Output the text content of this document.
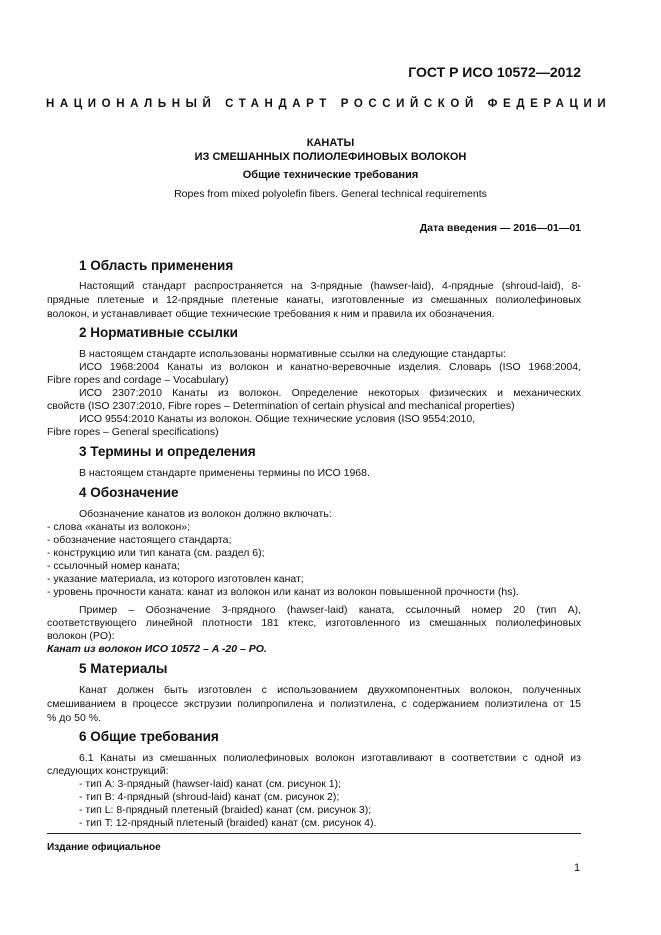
ГОСТ Р ИСО 10572—2012
НАЦИОНАЛЬНЫЙ СТАНДАРТ РОССИЙСКОЙ ФЕДЕРАЦИИ
КАНАТЫ
ИЗ СМЕШАННЫХ ПОЛИОЛЕФИНОВЫХ ВОЛОКОН
Общие технические требования
Ropes from mixed polyolefin fibers. General technical requirements
Дата введения — 2016—01—01
1 Область применения
Настоящий стандарт распространяется на 3-прядные (hawser-laid), 4-прядные (shroud-laid), 8-
прядные плетеные и 12-прядные плетеные канаты, изготовленные из смешанных полиолефиновых
волокон, и устанавливает общие технические требования к ним и правила их обозначения.
2 Нормативные ссылки
В настоящем стандарте использованы нормативные ссылки на следующие стандарты:
ИСО 1968:2004 Канаты из волокон и канатно-веревочные изделия. Словарь (ISO 1968:2004,
Fibre ropes and cordage – Vocabulary)
ИСО 2307:2010 Канаты из волокон. Определение некоторых физических и механических
свойств (ISO 2307:2010, Fibre ropes – Determination of certain physical and mechanical properties)
ИСО 9554:2010 Канаты из волокон. Общие технические условия (ISO 9554:2010,
Fibre ropes – General specifications)
3 Термины и определения
В настоящем стандарте применены термины по ИСО 1968.
4 Обозначение
Обозначение канатов из волокон должно включать:
- слова «канаты из волокон»;
- обозначение настоящего стандарта;
- конструкцию или тип каната (см. раздел 6);
- ссылочный номер каната;
- указание материала, из которого изготовлен канат;
- уровень прочности каната: канат из волокон или канат из волокон повышенной прочности (hs).
Пример – Обозначение 3-прядного (hawser-laid) каната, ссылочный номер 20 (тип A),
соответствующего линейной плотности 181 ктекс, изготовленного из смешанных полиолефиновых
волокон (PO):
Канат из волокон ИСО 10572 – A -20 – PO.
5 Материалы
Канат должен быть изготовлен с использованием двухкомпонентных волокон, полученных
смешиванием в процессе экструзии полипропилена и полиэтилена, с содержанием полиэтилена от 15
% до 50 %.
6 Общие требования
6.1 Канаты из смешанных полиолефиновых волокон изготавливают в соответствии с одной из
следующих конструкций:
- тип A: 3-прядный (hawser-laid) канат (см. рисунок 1);
- тип B: 4-прядный (shroud-laid) канат (см. рисунок 2);
- тип L: 8-прядный плетеный (braided) канат (см. рисунок 3);
- тип T: 12-прядный плетеный (braided) канат (см. рисунок 4).
Издание официальное
1
